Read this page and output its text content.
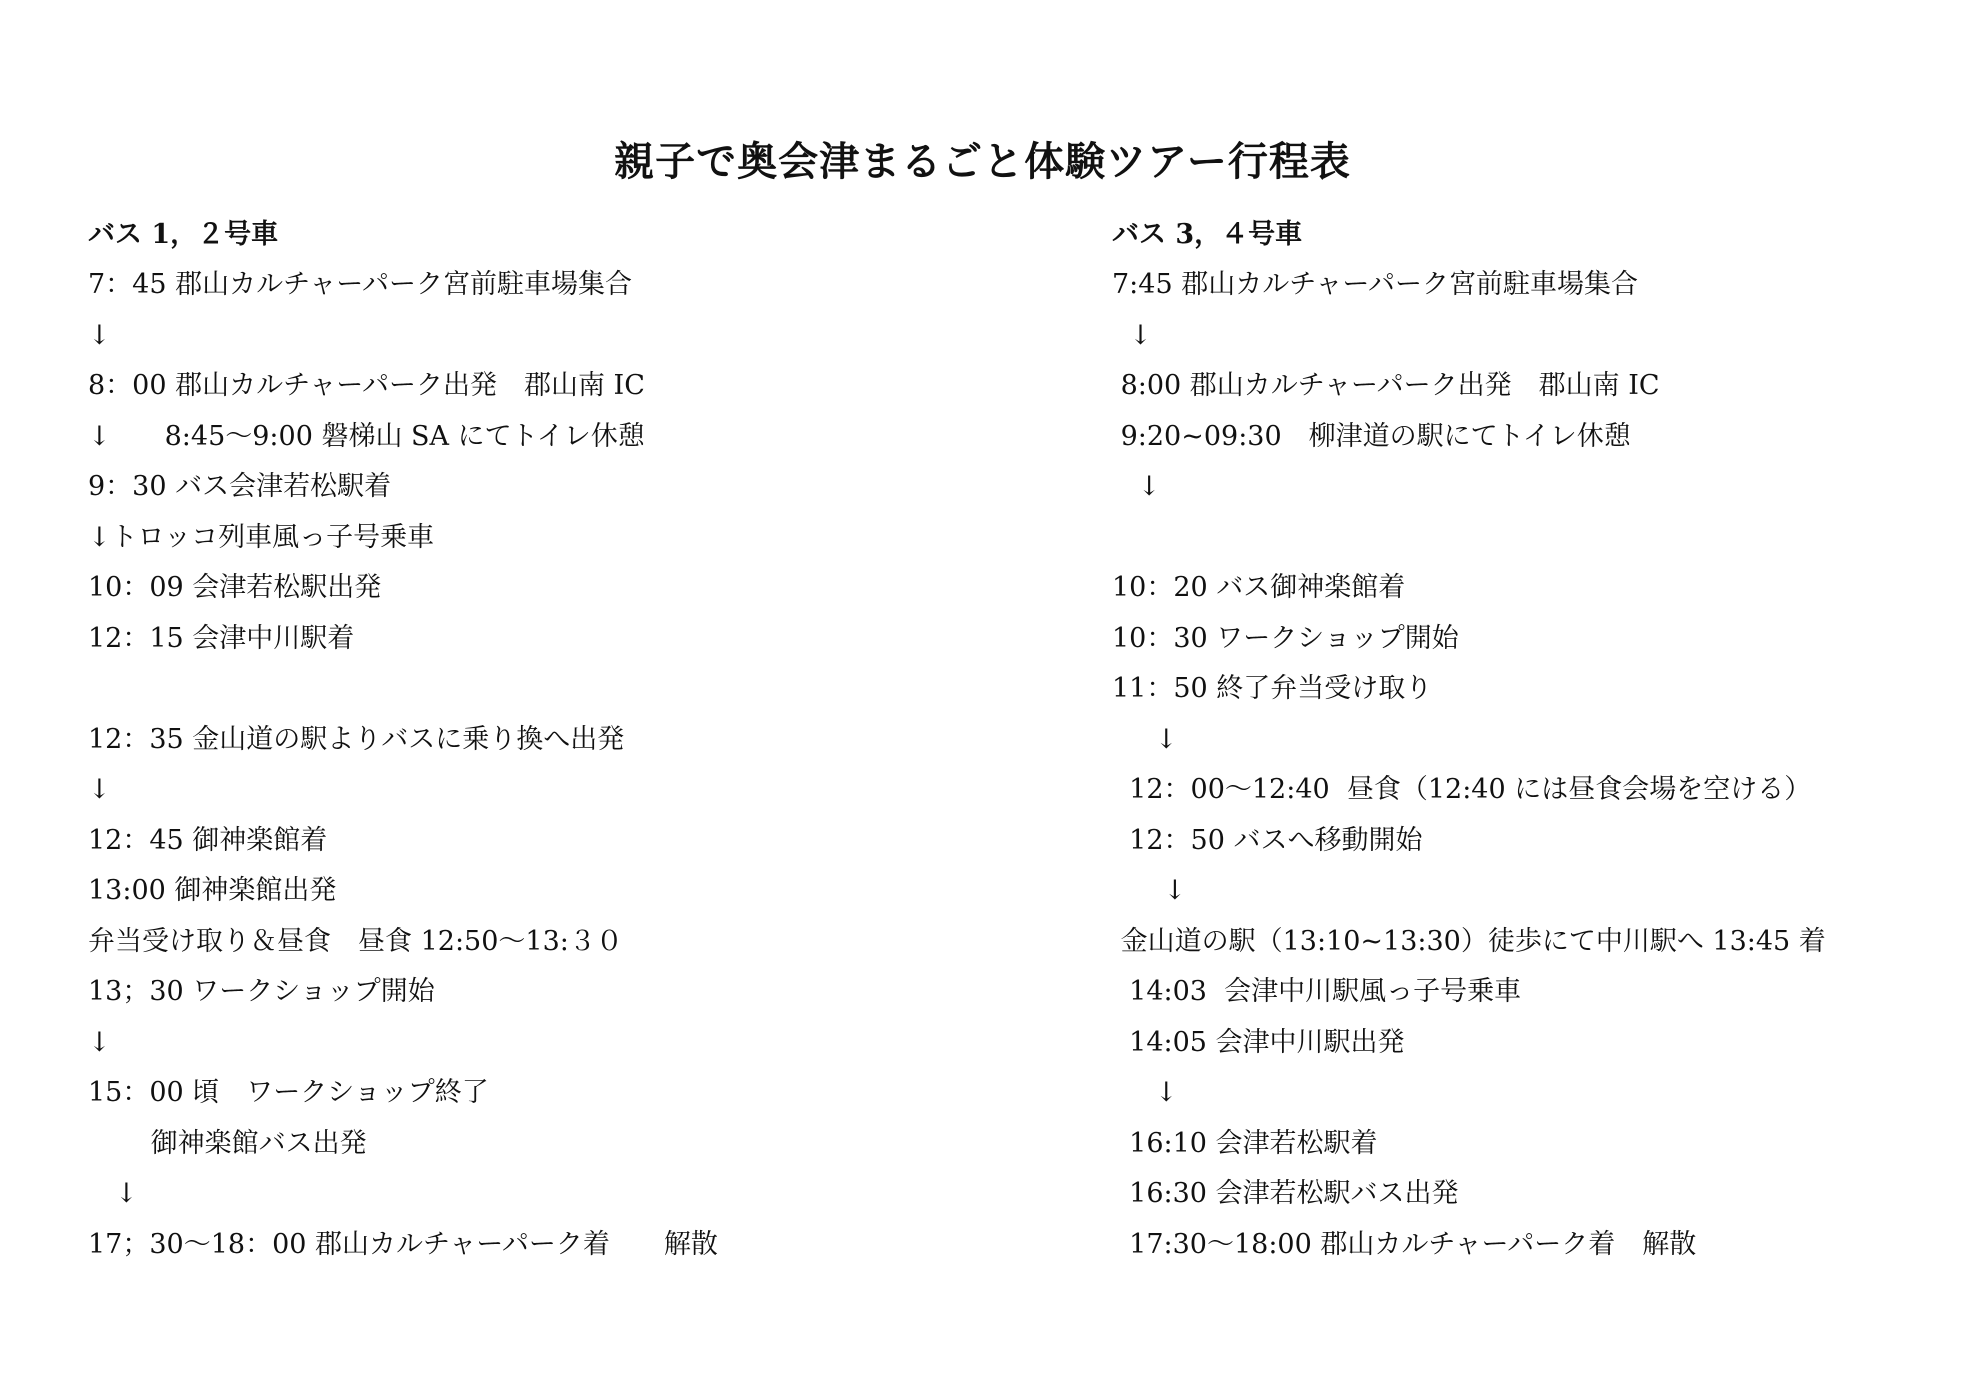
親子で奥会津まるごと体験ツアー行程表
バス 1，２号車
7：45 郡山カルチャーパーク宮前駐車場集合
↓
8：00 郡山カルチャーパーク出発　郡山南 IC
↓　　8:45～9:00 磐梯山 SA にてトイレ休憩
9：30 バス会津若松駅着
↓トロッコ列車風っ子号乗車
10：09 会津若松駅出発
12：15 会津中川駅着
12：35 金山道の駅よりバスに乗り換へ出発
↓
12：45 御神楽館着
13:00 御神楽館出発
弁当受け取り＆昼食　昼食 12:50～13:３０
13；30 ワークショップ開始
↓
15：00 頃　ワークショップ終了
　　 御神楽館バス出発
　↓
17；30～18：00 郡山カルチャーパーク着　　解散
バス 3，４号車
7:45 郡山カルチャーパーク宮前駐車場集合
↓
8:00 郡山カルチャーパーク出発　郡山南 IC
9:20~09:30　柳津道の駅にてトイレ休憩
↓
10：20 バス御神楽館着
10：30 ワークショップ開始
11：50 終了弁当受け取り
↓
12：00～12:40  昼食（12:40 には昼食会場を空ける）
12：50 バスへ移動開始
↓
金山道の駅（13:10~13:30）徒歩にて中川駅へ 13:45 着
14:03  会津中川駅風っ子号乗車
14:05 会津中川駅出発
↓
16:10 会津若松駅着
16:30 会津若松駅バス出発
17:30～18:00 郡山カルチャーパーク着　解散
